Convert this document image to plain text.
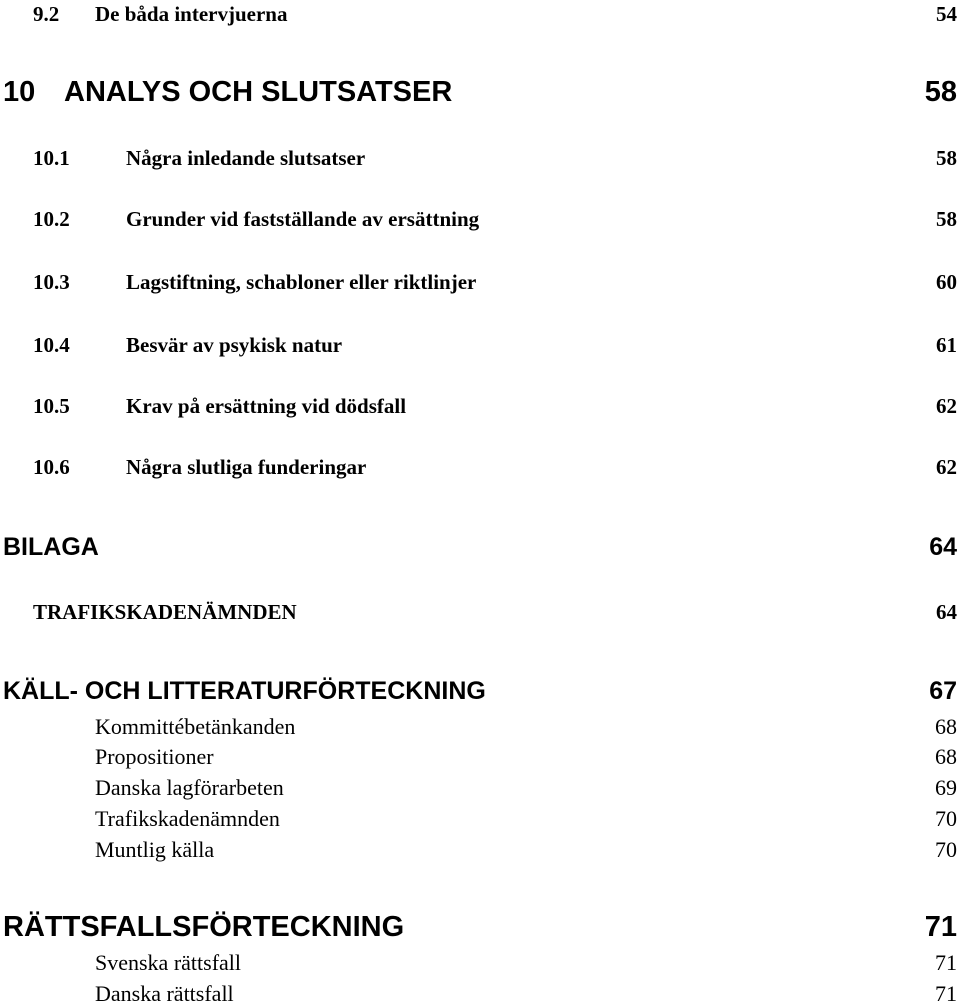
9.2 De båda intervjuerna	54
10 ANALYS OCH SLUTSATSER	58
10.1	Några inledande slutsatser	58
10.2	Grunder vid fastställande av ersättning	58
10.3	Lagstiftning, schabloner eller riktlinjer	60
10.4	Besvär av psykisk natur	61
10.5	Krav på ersättning vid dödsfall	62
10.6	Några slutliga funderingar	62
BILAGA	64
TRAFIKSKADENÄMNDEN	64
KÄLL- OCH LITTERATURFÖRTECKNING	67
Kommittébetänkanden	68
Propositioner	68
Danska lagförarbeten	69
Trafikskadenämnden	70
Muntlig källa	70
RÄTTSFALLSFÖRTECKNING	71
Svenska rättsfall	71
Danska rättsfall	71
